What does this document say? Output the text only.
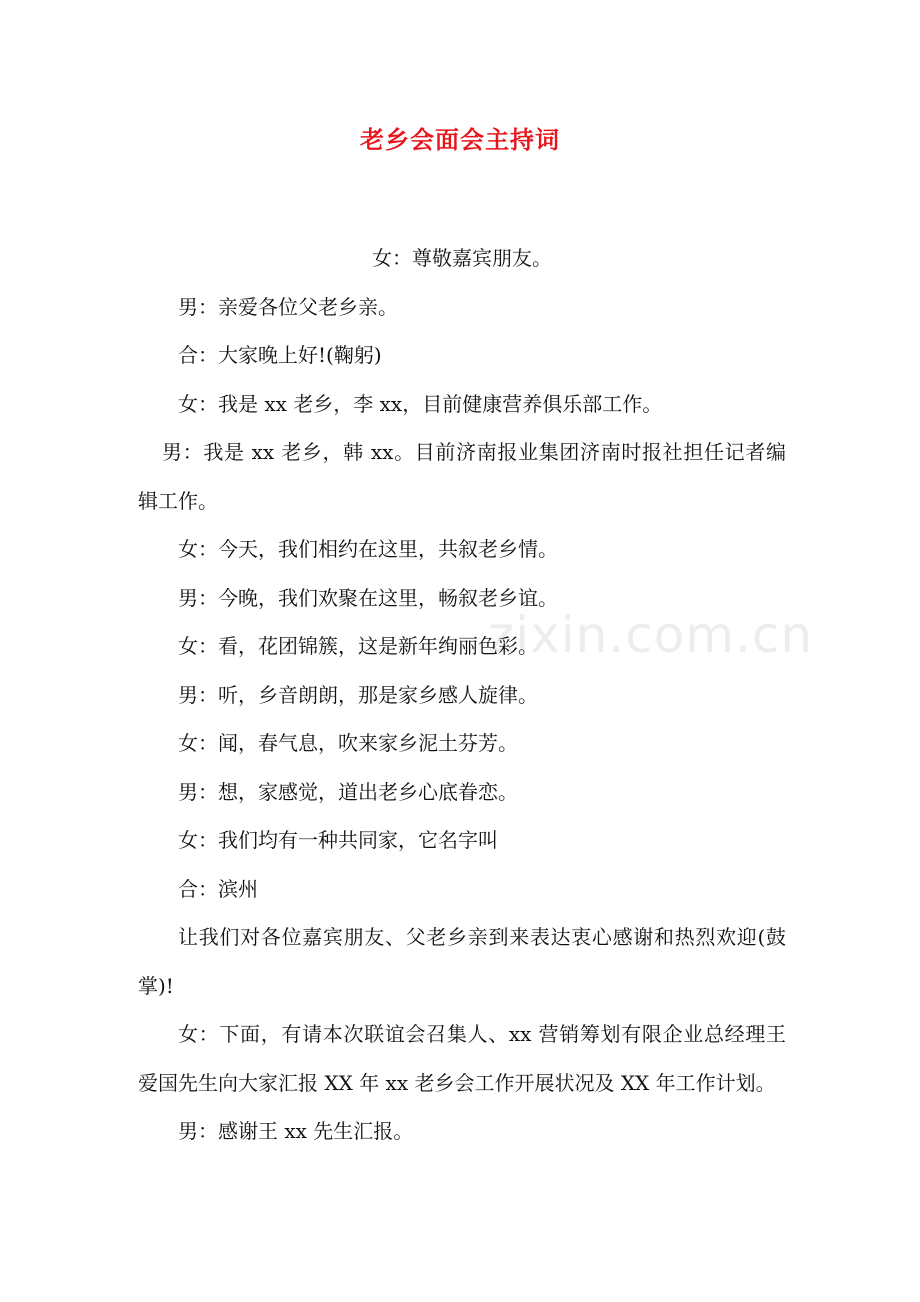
老乡会面会主持词
zixin.com.cn

女：尊敬嘉宾朋友。

男：亲爱各位父老乡亲。

合：大家晚上好!(鞠躬)

女：我是 xx 老乡，李 xx，目前健康营养俱乐部工作。

男：我是 xx 老乡，韩 xx。目前济南报业集团济南时报社担任记者编辑工作。

女：今天，我们相约在这里，共叙老乡情。

男：今晚，我们欢聚在这里，畅叙老乡谊。

女：看，花团锦簇，这是新年绚丽色彩。

男：听，乡音朗朗，那是家乡感人旋律。

女：闻，春气息，吹来家乡泥土芬芳。

男：想，家感觉，道出老乡心底眷恋。

女：我们均有一种共同家，它名字叫

合：滨州

让我们对各位嘉宾朋友、父老乡亲到来表达衷心感谢和热烈欢迎(鼓掌)!

女：下面，有请本次联谊会召集人、xx 营销筹划有限企业总经理王爱国先生向大家汇报 XX 年 xx 老乡会工作开展状况及 XX 年工作计划。

男：感谢王 xx 先生汇报。
